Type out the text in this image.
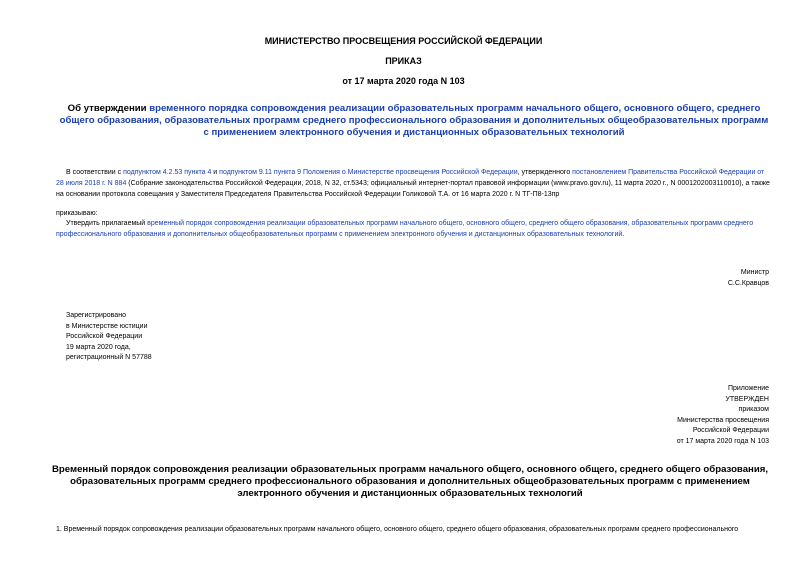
МИНИСТЕРСТВО ПРОСВЕЩЕНИЯ РОССИЙСКОЙ ФЕДЕРАЦИИ
ПРИКАЗ
от 17 марта 2020 года N 103
Об утверждении временного порядка сопровождения реализации образовательных программ начального общего, основного общего, среднего общего образования, образовательных программ среднего профессионального образования и дополнительных общеобразовательных программ с применением электронного обучения и дистанционных образовательных технологий
В соответствии с подпунктом 4.2.53 пункта 4 и подпунктом 9.11 пункта 9 Положения о Министерстве просвещения Российской Федерации, утвержденного постановлением Правительства Российской Федерации от 28 июля 2018 г. N 884 (Собрание законодательства Российской Федерации, 2018, N 32, ст.5343; официальный интернет-портал правовой информации (www.pravo.gov.ru), 11 марта 2020 г., N 0001202003110010), а также на основании протокола совещания у Заместителя Председателя Правительства Российской Федерации Голиковой Т.А. от 16 марта 2020 г. N ТГ-П8-13пр
приказываю:
Утвердить прилагаемый временный порядок сопровождения реализации образовательных программ начального общего, основного общего, среднего общего образования, образовательных программ среднего профессионального образования и дополнительных общеобразовательных программ с применением электронного обучения и дистанционных образовательных технологий.
Министр
С.С.Кравцов
Зарегистрировано
в Министерстве юстиции
Российской Федерации
19 марта 2020 года,
регистрационный N 57788
Приложение
УТВЕРЖДЕН
приказом
Министерства просвещения
Российской Федерации
от 17 марта 2020 года N 103
Временный порядок сопровождения реализации образовательных программ начального общего, основного общего, среднего общего образования, образовательных программ среднего профессионального образования и дополнительных общеобразовательных программ с применением электронного обучения и дистанционных образовательных технологий
1. Временный порядок сопровождения реализации образовательных программ начального общего, основного общего, среднего общего образования, образовательных программ среднего профессионального
